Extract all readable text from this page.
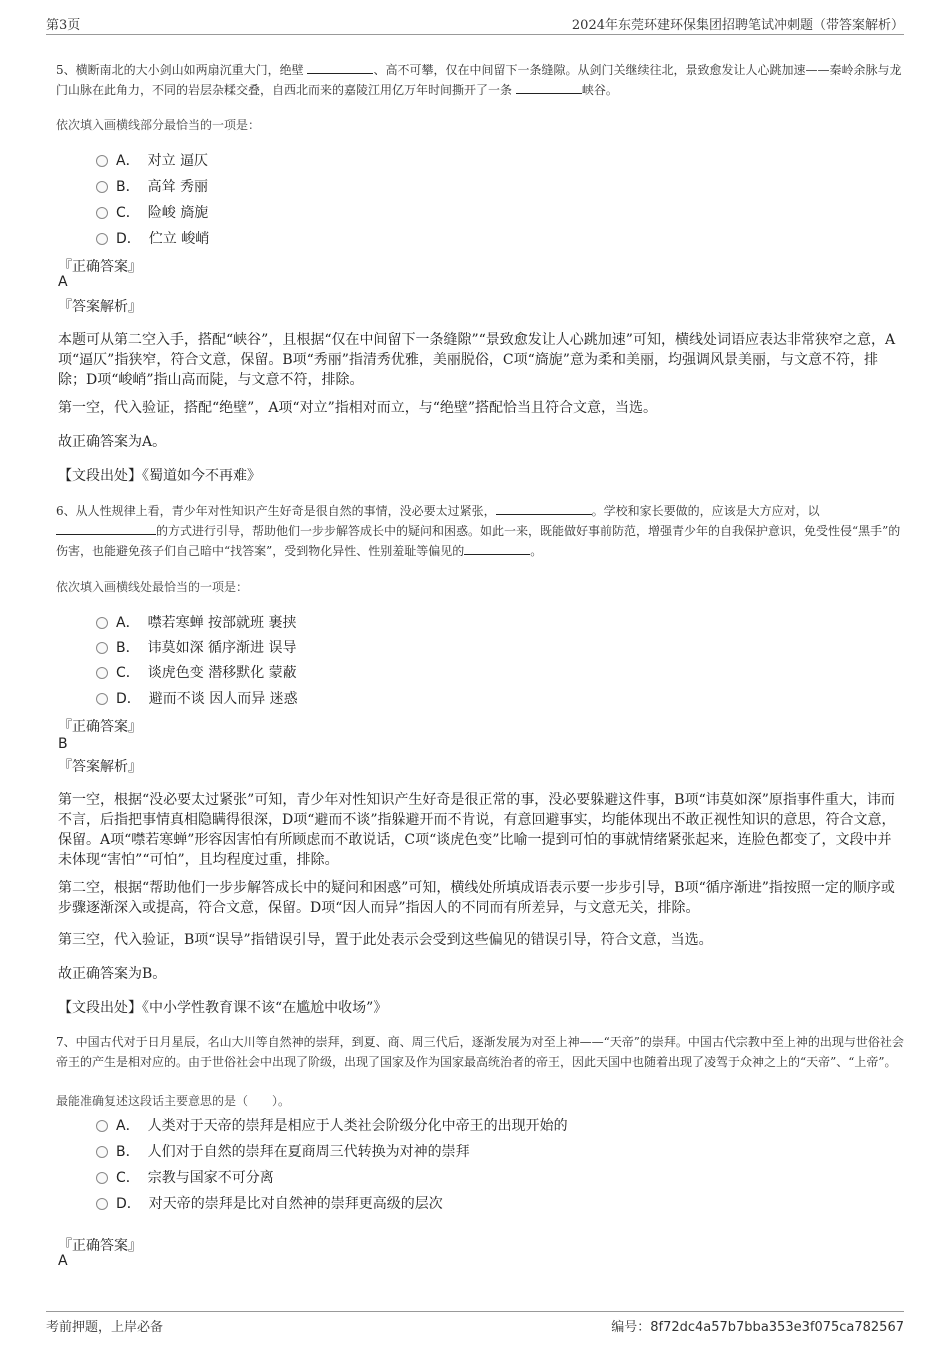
第3页	2024年东莞环建环保集团招聘笔试冲刺题（带答案解析）
5、横断南北的大小剑山如两扇沉重大门，绝壁	、高不可攀，仅在中间留下一条缝隙。从剑门关继续往北，景致愈发让人心跳加速——秦岭余脉与龙门山脉在此角力，不同的岩层杂糅交叠，自西北而来的嘉陵江用亿万年时间撕开了一条	峡谷。
依次填入画横线部分最恰当的一项是：
A． 对立 逼仄
B． 高耸 秀丽
C． 险峻 旖旎
D． 伫立 峻峭
『正确答案』
A
『答案解析』
本题可从第二空入手，搭配“峡谷”，且根据“仅在中间留下一条缝隙”“景致愈发让人心跳加速”可知，横线处词语应表达非常狭窄之意，A项“逼仄”指狭窄，符合文意，保留。B项“秀丽”指清秀优雅，美丽脱俗，C项“旖旎”意为柔和美丽，均强调风景美丽，与文意不符，排除；D项“峻峭”指山高而陡，与文意不符，排除。
第一空，代入验证，搭配“绝壁”，A项“对立”指相对而立，与“绝壁”搭配恰当且符合文意，当选。
故正确答案为A。
【文段出处】《蜀道如今不再难》
6、从人性规律上看，青少年对性知识产生好奇是很自然的事情，没必要太过紧张，	。学校和家长要做的，应该是大方应对，以的方式进行引导，帮助他们一步步解答成长中的疑问和困惑。如此一来，既能做好事前防范，增强青少年的自我保护意识，免受性侵“黑手”的伤害，也能避免孩子们自己暗中“找答案”，受到物化异性、性别羞耻等偏见的	。
依次填入画横线处最恰当的一项是：
A． 噤若寒蝉 按部就班 裹挟
B． 讳莫如深 循序渐进 误导
C． 谈虎色变 潜移默化 蒙蔽
D． 避而不谈 因人而异 迷惑
『正确答案』
B
『答案解析』
第一空，根据“没必要太过紧张”可知，青少年对性知识产生好奇是很正常的事，没必要躲避这件事，B项“讳莫如深”原指事件重大，讳而不言，后指把事情真相隐瞒得很深，D项“避而不谈”指躲避开而不肯说，有意回避事实，均能体现出不敢正视性知识的意思，符合文意，保留。A项“噤若寒蝉”形容因害怕有所顾虑而不敢说话，C项“谈虎色变”比喻一提到可怕的事就情绪紧张起来，连脸色都变了，文段中并未体现“害怕”“可怕”，且均程度过重，排除。
第二空，根据“帮助他们一步步解答成长中的疑问和困惑”可知，横线处所填成语表示要一步步引导，B项“循序渐进”指按照一定的顺序或步骤逐渐深入或提高，符合文意，保留。D项“因人而异”指因人的不同而有所差异，与文意无关，排除。
第三空，代入验证，B项“误导”指错误引导，置于此处表示会受到这些偏见的错误引导，符合文意，当选。
故正确答案为B。
【文段出处】《中小学性教育课不该“在尴尬中收场”》
7、中国古代对于日月星辰，名山大川等自然神的崇拜，到夏、商、周三代后，逐渐发展为对至上神——“天帝”的崇拜。中国古代宗教中至上神的出现与世俗社会帝王的产生是相对应的。由于世俗社会中出现了阶级，出现了国家及作为国家最高统治者的帝王，因此天国中也随着出现了凌驾于众神之上的“天帝”、“上帝”。
最能准确复述这段话主要意思的是（　　）。
A． 人类对于天帝的崇拜是相应于人类社会阶级分化中帝王的出现开始的
B． 人们对于自然的崇拜在夏商周三代转换为对神的崇拜
C． 宗教与国家不可分离
D． 对天帝的崇拜是比对自然神的崇拜更高级的层次
『正确答案』
A
考前押题，上岸必备	编号：8f72dc4a57b7bba353e3f075ca782567
